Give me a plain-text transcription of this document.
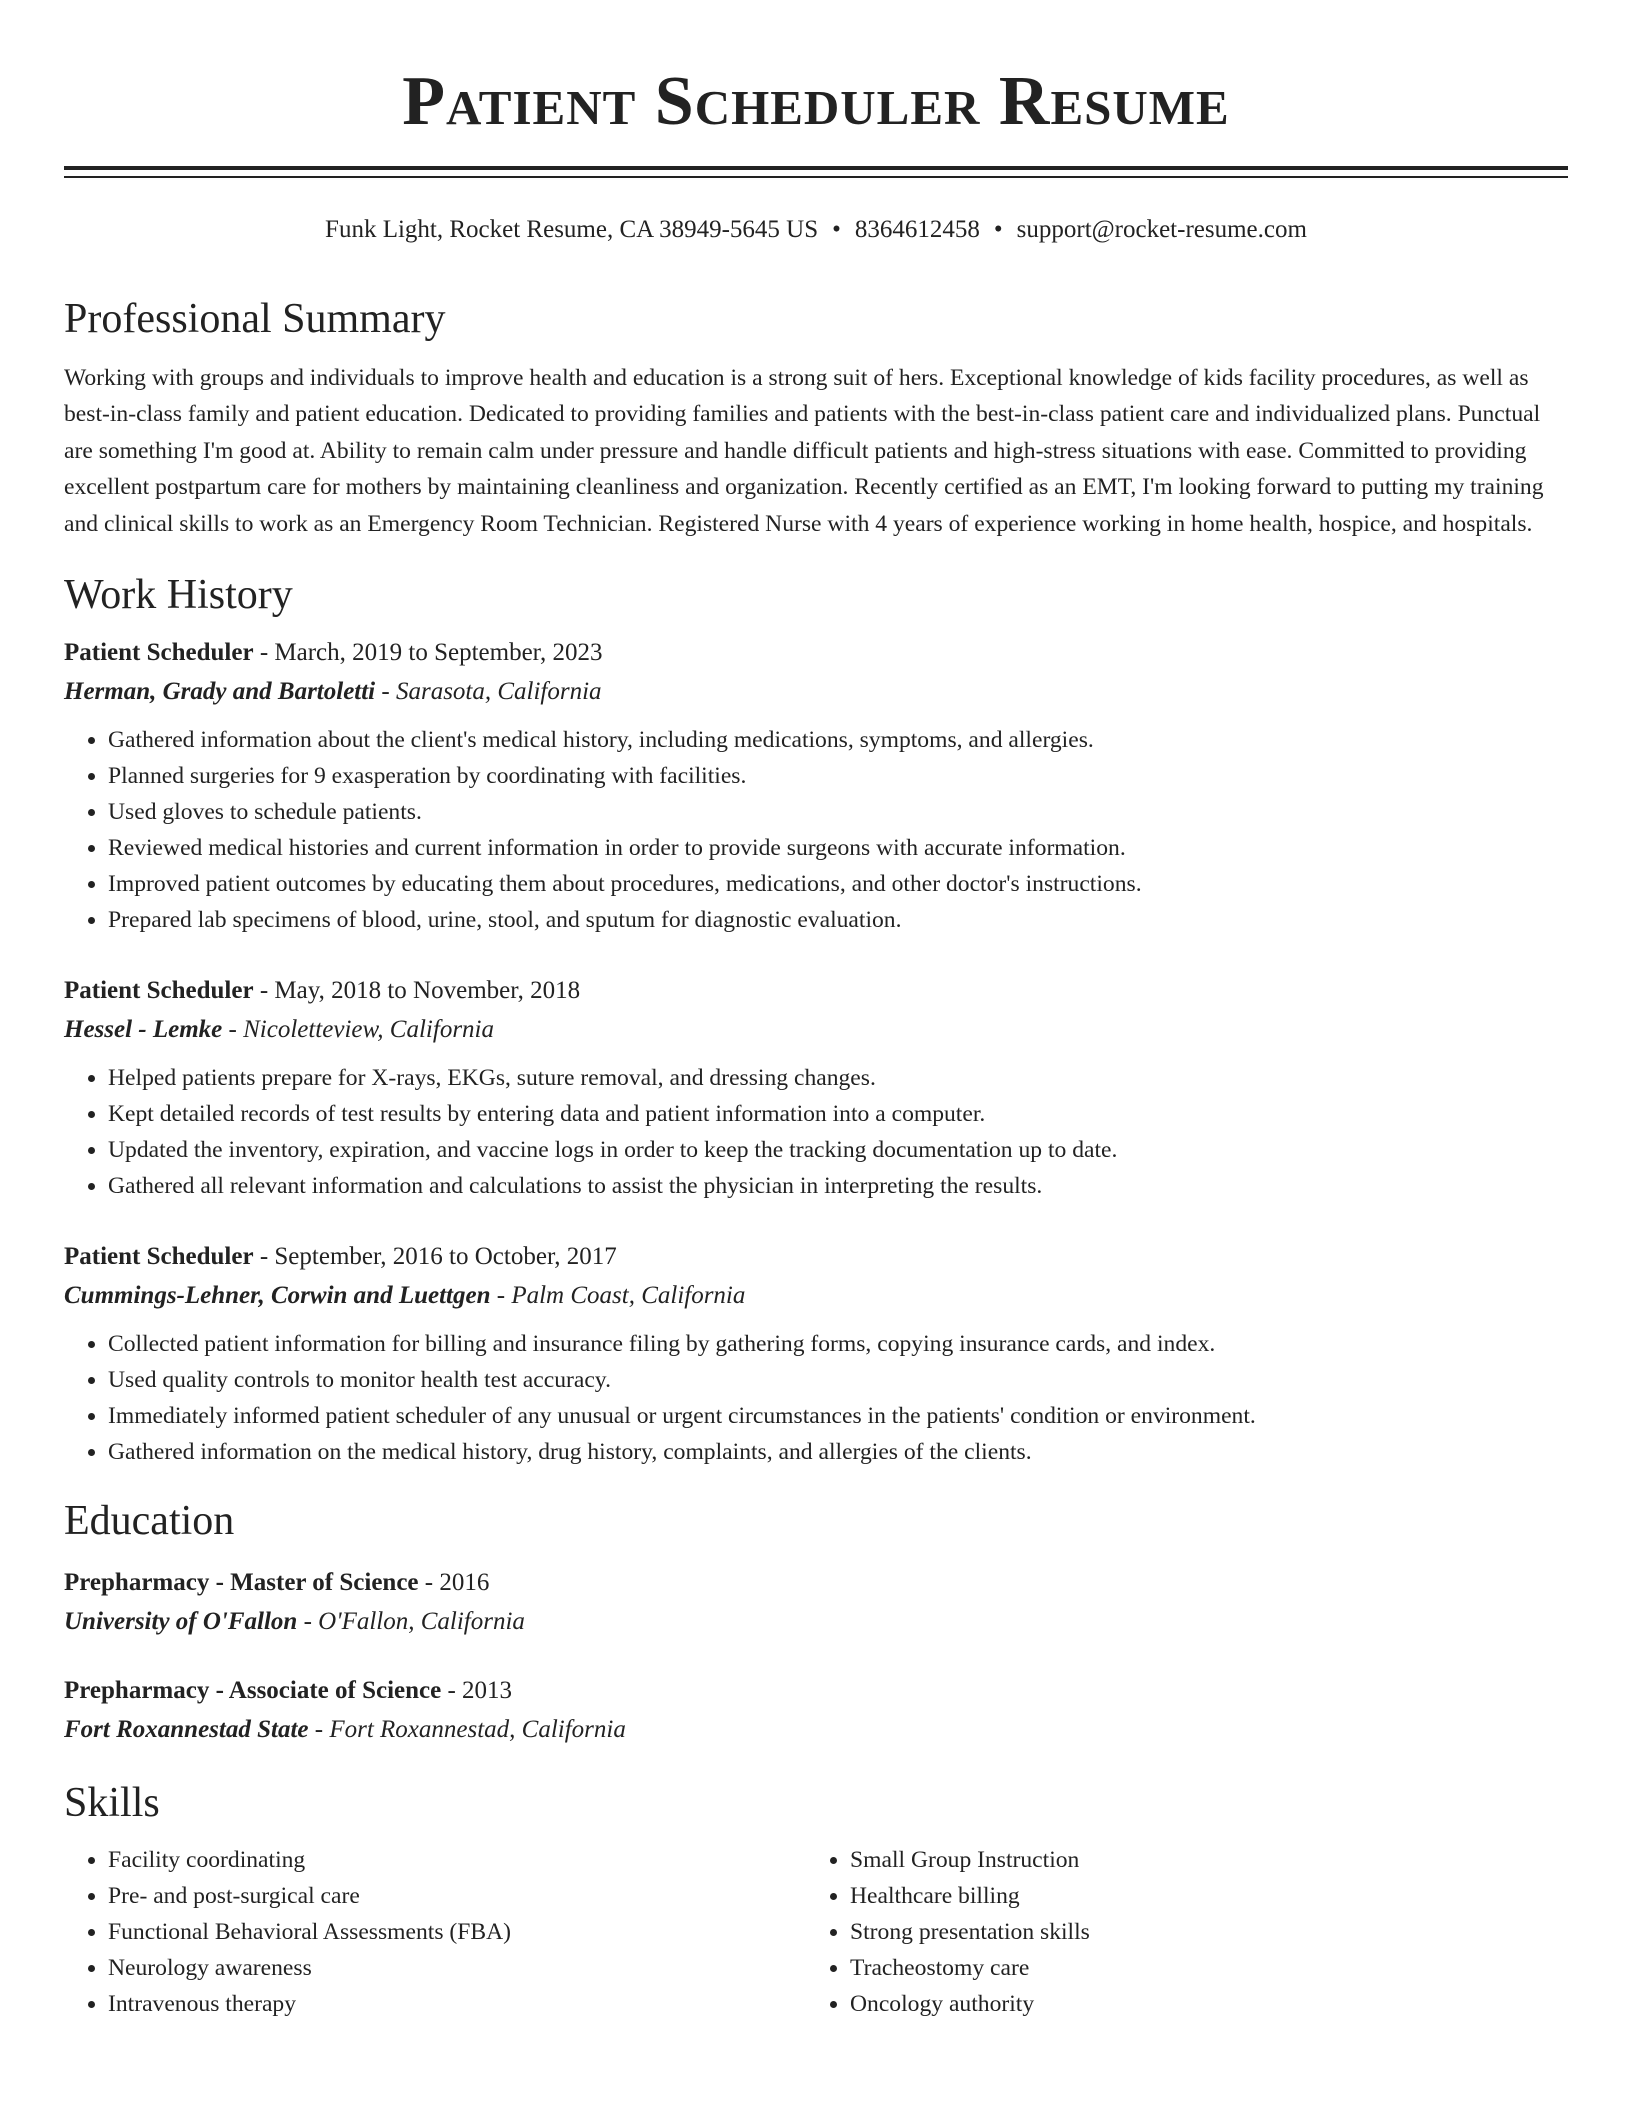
Patient Scheduler Resume
Funk Light, Rocket Resume, CA 38949-5645 US • 8364612458 • support@rocket-resume.com
Professional Summary

Working with groups and individuals to improve health and education is a strong suit of hers. Exceptional knowledge of kids facility procedures, as well as best-in-class family and patient education. Dedicated to providing families and patients with the best-in-class patient care and individualized plans. Punctual are something I'm good at. Ability to remain calm under pressure and handle difficult patients and high-stress situations with ease. Committed to providing excellent postpartum care for mothers by maintaining cleanliness and organization. Recently certified as an EMT, I'm looking forward to putting my training and clinical skills to work as an Emergency Room Technician. Registered Nurse with 4 years of experience working in home health, hospice, and hospitals.

Work History
Patient Scheduler - March, 2019 to September, 2023
Herman, Grady and Bartoletti - Sarasota, California
• Gathered information about the client's medical history, including medications, symptoms, and allergies.
• Planned surgeries for 9 exasperation by coordinating with facilities.
• Used gloves to schedule patients.
• Reviewed medical histories and current information in order to provide surgeons with accurate information.
• Improved patient outcomes by educating them about procedures, medications, and other doctor's instructions.
• Prepared lab specimens of blood, urine, stool, and sputum for diagnostic evaluation.
Patient Scheduler - May, 2018 to November, 2018
Hessel - Lemke - Nicoletteview, California
• Helped patients prepare for X-rays, EKGs, suture removal, and dressing changes.
• Kept detailed records of test results by entering data and patient information into a computer.
• Updated the inventory, expiration, and vaccine logs in order to keep the tracking documentation up to date.
• Gathered all relevant information and calculations to assist the physician in interpreting the results.
Patient Scheduler - September, 2016 to October, 2017
Cummings-Lehner, Corwin and Luettgen - Palm Coast, California
• Collected patient information for billing and insurance filing by gathering forms, copying insurance cards, and index.
• Used quality controls to monitor health test accuracy.
• Immediately informed patient scheduler of any unusual or urgent circumstances in the patients' condition or environment.
• Gathered information on the medical history, drug history, complaints, and allergies of the clients.
Education
Prepharmacy - Master of Science - 2016
University of O'Fallon - O'Fallon, California
Prepharmacy - Associate of Science - 2013
Fort Roxannestad State - Fort Roxannestad, California
Skills
• Facility coordinating
• Pre- and post-surgical care
• Functional Behavioral Assessments (FBA)
• Neurology awareness
• Intravenous therapy
• Small Group Instruction
• Healthcare billing
• Strong presentation skills
• Tracheostomy care
• Oncology authority
